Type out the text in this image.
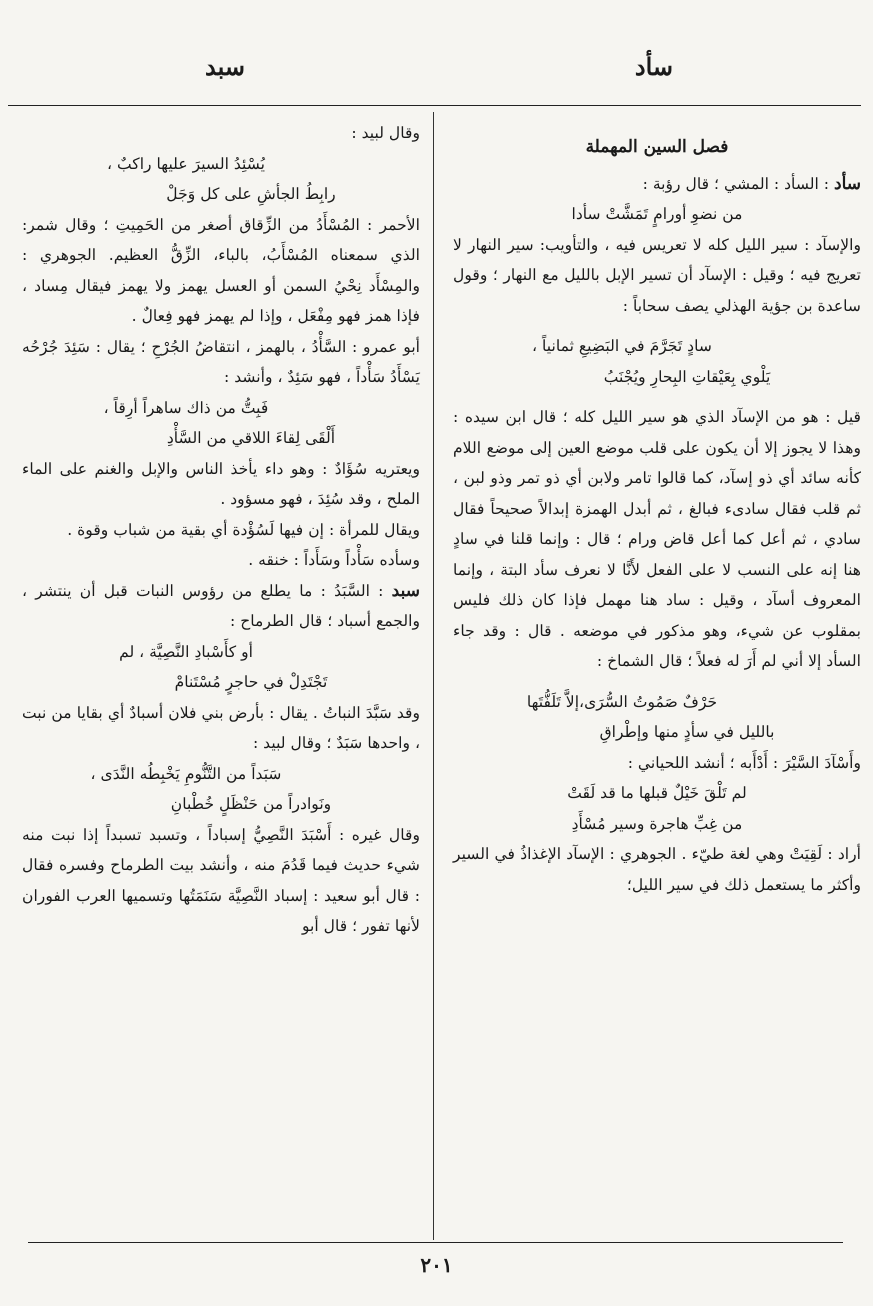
سأد
سبد
فصل السين المهملة

سأد : السأد : المشي ؛ قال رؤبة :

من نضوِ أورامٍ تَمَشَّتْ سأدا

والإسآد : سير الليل كله لا تعريس فيه ، والتأويب: سير النهار لا تعريج فيه ؛ وقيل : الإسآد أن تسير الإبل بالليل مع النهار ؛ وقول ساعدة بن جؤية الهذلي يصف سحاباً :

سادٍ تَجَرَّمَ في البَضِيعِ ثمانياً ،

يَلْوي بِعَيْقاتِ البِحارِ ويُجْنَبُ

قيل : هو من الإسآد الذي هو سير الليل كله ؛ قال ابن سيده : وهذا لا يجوز إلا أن يكون على قلب موضع العين إلى موضع اللام كأنه سائد أي ذو إسآد، كما قالوا تامر ولابن أي ذو تمر وذو لبن ، ثم قلب فقال سادىء فبالغ ، ثم أبدل الهمزة إبدالاً صحيحاً فقال سادي ، ثم أعل كما أعل قاض ورام ؛ قال : وإنما قلنا في سادٍ هنا إنه على النسب لا على الفعل لأَنَّا لا نعرف سأد البتة ، وإنما المعروف أسآد ، وقيل : ساد هنا مهمل فإذا كان ذلك فليس بمقلوب عن شيء، وهو مذكور في موضعه . قال : وقد جاء السأد إلا أني لم أَرَ له فعلاً ؛ قال الشماخ :

حَرْفٌ صَمُوتُ السُّرَى،إلاَّ تَلَفُّتَها

بالليل في سأدٍ منها وإطْراقِ

وأَسْآدَ السَّيْرَ : أَدْأَبه ؛ أنشد اللحياني :

لم تَلْقَ خَيْلٌ قبلها ما قد لَقَتْ

من غِبِّ هاجرة وسير مُسْأَدِ

أراد : لَقِيَتْ وهي لغة طيّء . الجوهري : الإسآد الإغذاذُ في السير وأكثر ما يستعمل ذلك في سير الليل؛

وقال لبيد :

يُسْئِدُ السيرَ عليها راكبٌ ،

رابِطُ الجأشِ على كل وَجَلْ

الأحمر : المُسْأَدُ من الزِّقاق أصغر من الحَمِيتِ ؛ وقال شمر: الذي سمعناه المُسْأَبُ، بالباء، الزِّقُّ العظيم. الجوهري : والمِسْأَد نِحْيُ السمن أو العسل يهمز ولا يهمز فيقال مِساد ، فإذا همز فهو مِفْعَل ، وإذا لم يهمز فهو فِعالٌ .

أبو عمرو : السَّأْدُ ، بالهمز ، انتقاضُ الجُرْحِ ؛ يقال : سَئِدَ جُرْحُه يَسْأَدُ سَأْداً ، فهو سَئِدٌ ، وأنشد :

فَبِتُّ من ذاك ساهراً أرِقاً ،

أَلْقَى لِقاءَ اللاقي من السَّأْدِ

ويعتريه سُؤَادٌ : وهو داء يأخذ الناس والإبل والغنم على الماء الملح ، وقد سُئِدَ ، فهو مسؤود .

ويقال للمرأة : إن فيها لَسُؤْدة أي بقية من شباب وقوة .

وسأده سَأْداً وسَأَداً : خنقه .

سبد : السَّبَدُ : ما يطلع من رؤوس النبات قبل أن ينتشر ، والجمع أسباد ؛ قال الطرماح :

أو كأَسْبادِ النَّصِيَّة ، لم

تَجْتَدِلْ في حاجرٍ مُسْتَنامْ

وقد سَبَّدَ النباتُ . يقال : بأرض بني فلان أسبادٌ أي بقايا من نبت ، واحدها سَبَدٌ ؛ وقال لبيد :

سَبَداً من التَّنُّومِ يَخْبِطُه النَّدَى ،

ونَوادراً من حَنْظَلٍ خُطْبانِ

وقال غيره : أَسْبَدَ النَّصِيُّ إسباداً ، وتسبد تسبداً إذا نبت منه شيء حديث فيما قَدُمَ منه ، وأنشد بيت الطرماح وفسره فقال : قال أبو سعيد : إسباد النَّصِيَّة سَنَمَتُها وتسميها العرب الفوران لأنها تفور ؛ قال أبو

٢٠١
